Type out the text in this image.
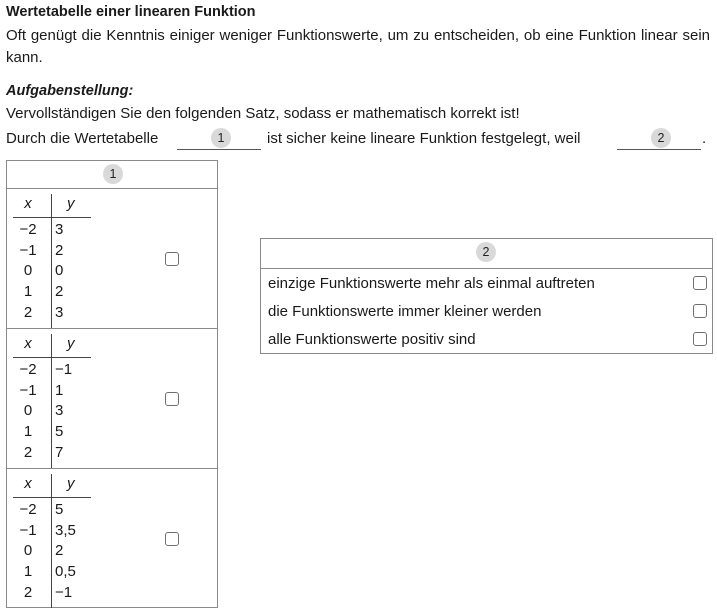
Wertetabelle einer linearen Funktion
Oft genügt die Kenntnis einiger weniger Funktionswerte, um zu entscheiden, ob eine Funktion linear sein kann.
Aufgabenstellung:
Vervollständigen Sie den folgenden Satz, sodass er mathematisch korrekt ist!
Durch die Wertetabelle	1	ist sicher keine lineare Funktion festgelegt, weil	2	.
1
x	y
−2	3
−1	2
0	0
1	2
2	3
x	y
−2	−1
−1	1
0	3
1	5
2	7
x	y
−2	5
−1	3,5
0	2
1	0,5
2	−1
2
einzige Funktionswerte mehr als einmal auftreten
die Funktionswerte immer kleiner werden
alle Funktionswerte positiv sind
